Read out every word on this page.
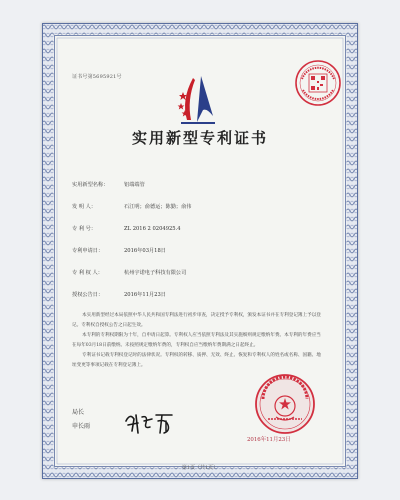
证书号第5695921号
实用新型专利证书
实用新型名称：	铝端端管
发 明 人：	石江明；俞德运；陈勤；俞伟
专 利 号：	ZL 2016 2 0204925.4
专利申请日：	2016年03月18日
专 利 权 人：	杭州宇诺电子科技有限公司
授权公告日：	2016年11月23日

本实用新型经过本局依照中华人民共和国专利法进行初步审查，决定授予专利权，颁发本证书并在专利登记簿上予以登记。专利权自授权公告之日起生效。

本专利的专利权期限为十年，自申请日起算。专利权人应当依照专利法及其实施细则规定缴纳年费。本专利的年费应当在每年03月18日前缴纳。未按照规定缴纳年费的，专利权自应当缴纳年费期满之日起终止。

专利证书记载专利权登记时的法律状况。专利权的转移、质押、无效、终止、恢复和专利权人的姓名或名称、国籍、地址变更等事项记载在专利登记簿上。

局长
申长雨
2016年11月23日
第1页（共1页）
